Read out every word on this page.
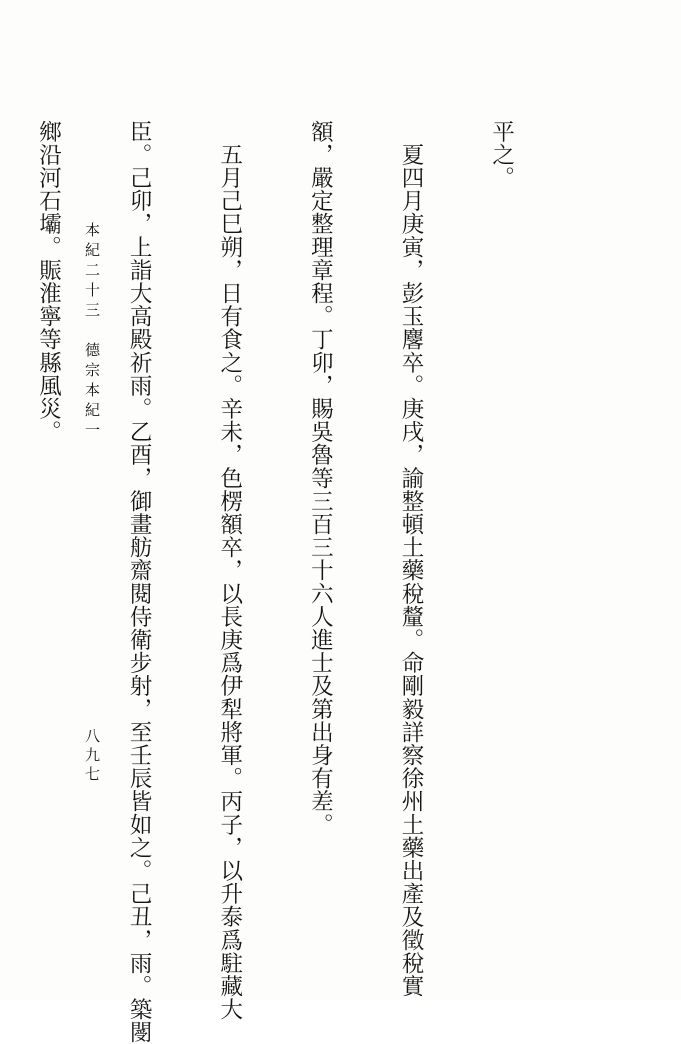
平之。

　夏四月庚寅，彭玉麐卒。庚戌，諭整頓土藥稅釐。命剛毅詳察徐州土藥出產及徵稅實

額，嚴定整理章程。丁卯，賜吳魯等三百三十六人進士及第出身有差。

　五月己巳朔，日有食之。辛未，色楞額卒，以長庚爲伊犁將軍。丙子，以升泰爲駐藏大

臣。己卯，上詣大高殿祈雨。乙酉，御畫舫齋閱侍衛步射，至壬辰皆如之。己丑，雨。築閿

鄉沿河石壩。賑淮寧等縣風災。

本紀二十三　德宗本紀一
八九七
